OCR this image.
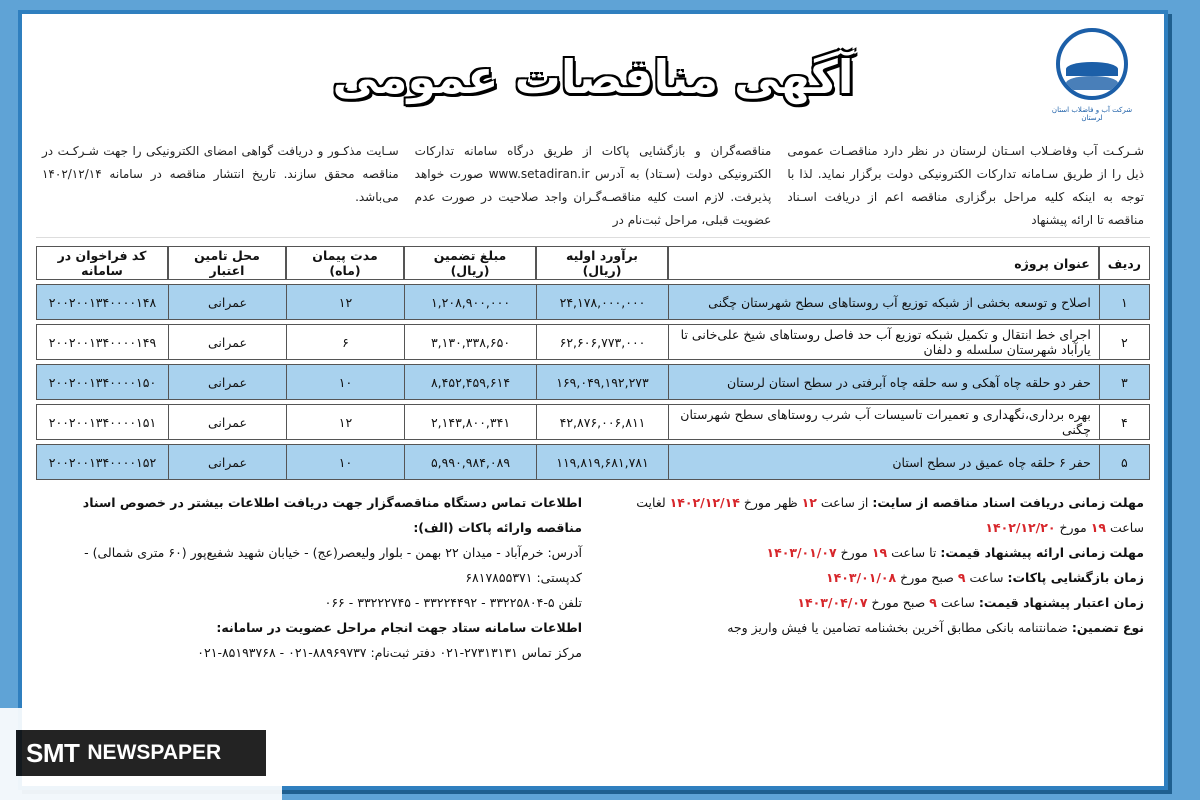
شرکت آب و فاضلاب استان لرستان
آگهی مناقصات عمومی

شـرکـت آب وفاضـلاب اسـتان لرستان در نظر دارد مناقصـات عمومی ذیل را از طریق سـامانه تدارکات الکترونیکی دولت برگزار نماید. لذا با توجه به اینکه کلیه مراحل برگزاری مناقصه اعم از دریافت اسـناد مناقصه تا ارائه پیشنهاد

مناقصه‌گران و بازگشایی پاکات از طریق درگاه سامانه تدارکات الکترونیکی دولت (سـتاد) به آدرس www.setadiran.ir صورت خواهد پذیرفت. لازم است کلیه مناقصـه‌گـران واجد صلاحیت در صورت عدم عضویت قبلی، مراحل ثبت‌نام در

سـایت مذکـور و دریافت گواهی امضای الکترونیکی را جهت شـرکـت در مناقصه محقق سازند. تاریخ انتشار مناقصه در سامانه ۱۴۰۲/۱۲/۱۴ می‌باشد.

ردیف	عنوان پروژه	برآورد اولیه (ریال)	مبلغ تضمین (ریال)	مدت پیمان (ماه)	محل تامین اعتبار	کد فراخوان در سامانه
۱	اصلاح و توسعه بخشی از شبکه توزیع آب روستاهای سطح شهرستان چگنی	۲۴,۱۷۸,۰۰۰,۰۰۰	۱,۲۰۸,۹۰۰,۰۰۰	۱۲	عمرانی	۲۰۰۲۰۰۱۳۴۰۰۰۰۱۴۸
۲	اجرای خط انتقال و تکمیل شبکه توزیع آب حد فاصل روستاهای شیخ علی‌خانی تا یارآباد شهرستان سلسله و دلفان	۶۲,۶۰۶,۷۷۳,۰۰۰	۳,۱۳۰,۳۳۸,۶۵۰	۶	عمرانی	۲۰۰۲۰۰۱۳۴۰۰۰۰۱۴۹
۳	حفر دو حلقه چاه آهکی و سه حلقه چاه آبرفتی در سطح استان لرستان	۱۶۹,۰۴۹,۱۹۲,۲۷۳	۸,۴۵۲,۴۵۹,۶۱۴	۱۰	عمرانی	۲۰۰۲۰۰۱۳۴۰۰۰۰۱۵۰
۴	بهره برداری،نگهداری و تعمیرات تاسیسات آب شرب روستاهای سطح شهرستان چگنی	۴۲,۸۷۶,۰۰۶,۸۱۱	۲,۱۴۳,۸۰۰,۳۴۱	۱۲	عمرانی	۲۰۰۲۰۰۱۳۴۰۰۰۰۱۵۱
۵	حفر ۶ حلقه چاه عمیق در سطح استان	۱۱۹,۸۱۹,۶۸۱,۷۸۱	۵,۹۹۰,۹۸۴,۰۸۹	۱۰	عمرانی	۲۰۰۲۰۰۱۳۴۰۰۰۰۱۵۲
مهلت زمانی دریافت اسناد مناقصه از سایت: از ساعت ۱۲ ظهر مورخ ۱۴۰۲/۱۲/۱۴ لغایت ساعت ۱۹ مورخ ۱۴۰۲/۱۲/۲۰
مهلت زمانی ارائه پیشنهاد قیمت: تا ساعت ۱۹ مورخ ۱۴۰۳/۰۱/۰۷
زمان بازگشایی پاکات: ساعت ۹ صبح مورخ ۱۴۰۳/۰۱/۰۸
زمان اعتبار پیشنهاد قیمت: ساعت ۹ صبح مورخ ۱۴۰۳/۰۴/۰۷
نوع تضمین: ضمانتنامه بانکی مطابق آخرین بخشنامه تضامین یا فیش واریز وجه
اطلاعات تماس دستگاه مناقصه‌گزار جهت دریافت اطلاعات بیشتر در خصوص اسناد مناقصه وارائه پاکات (الف):
آدرس: خرم‌آباد - میدان ۲۲ بهمن - بلوار ولیعصر(عج) - خیابان شهید شفیع‌پور (۶۰ متری شمالی) - کدپستی: ۶۸۱۷۸۵۵۳۷۱
تلفن ۵-۳۳۲۲۵۸۰۴ - ۳۳۲۲۴۴۹۲ - ۳۳۲۲۲۷۴۵ - ۰۶۶
اطلاعات سامانه ستاد جهت انجام مراحل عضویت در سامانه:
مرکز تماس ۲۷۳۱۳۱۳۱-۰۲۱ دفتر ثبت‌نام: ۸۸۹۶۹۷۳۷-۰۲۱ - ۸۵۱۹۳۷۶۸-۰۲۱
SMT NEWSPAPER
